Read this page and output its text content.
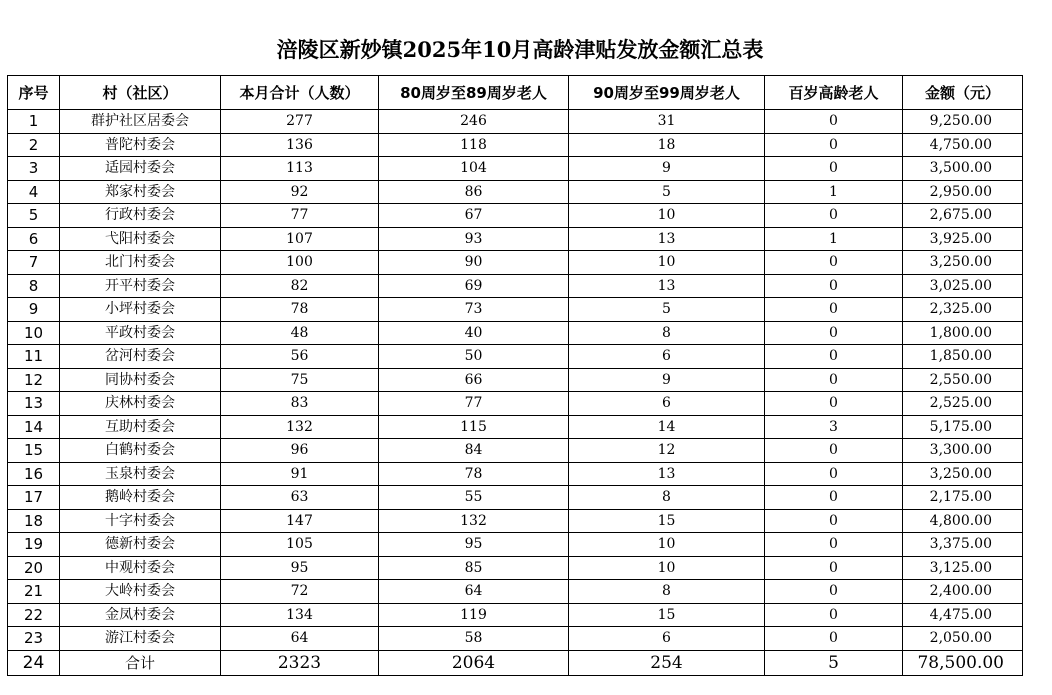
涪陵区新妙镇2025年10月高龄津贴发放金额汇总表
序号	村（社区）	本月合计（人数）	80周岁至89周岁老人	90周岁至99周岁老人	百岁高龄老人	金额（元）
1	群护社区居委会	277	246	31	0	9,250.00
2	普陀村委会	136	118	18	0	4,750.00
3	适园村委会	113	104	9	0	3,500.00
4	郑家村委会	92	86	5	1	2,950.00
5	行政村委会	77	67	10	0	2,675.00
6	弋阳村委会	107	93	13	1	3,925.00
7	北门村委会	100	90	10	0	3,250.00
8	开平村委会	82	69	13	0	3,025.00
9	小坪村委会	78	73	5	0	2,325.00
10	平政村委会	48	40	8	0	1,800.00
11	岔河村委会	56	50	6	0	1,850.00
12	同协村委会	75	66	9	0	2,550.00
13	庆林村委会	83	77	6	0	2,525.00
14	互助村委会	132	115	14	3	5,175.00
15	白鹤村委会	96	84	12	0	3,300.00
16	玉泉村委会	91	78	13	0	3,250.00
17	鹅岭村委会	63	55	8	0	2,175.00
18	十字村委会	147	132	15	0	4,800.00
19	德新村委会	105	95	10	0	3,375.00
20	中观村委会	95	85	10	0	3,125.00
21	大岭村委会	72	64	8	0	2,400.00
22	金凤村委会	134	119	15	0	4,475.00
23	游江村委会	64	58	6	0	2,050.00
24	合计	2323	2064	254	5	78,500.00
